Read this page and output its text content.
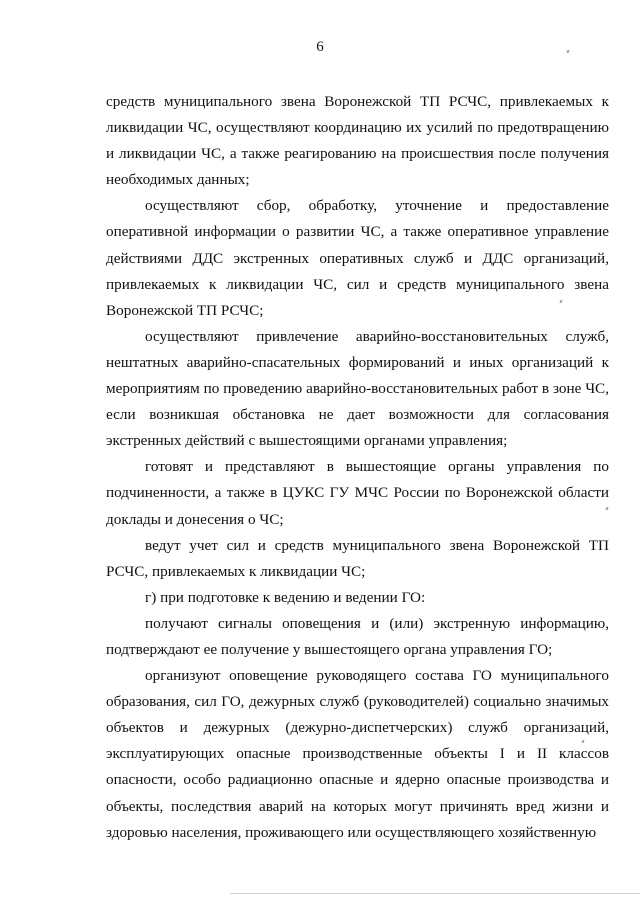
6

средств муниципального звена Воронежской ТП РСЧС, привлекаемых к ликвидации ЧС, осуществляют координацию их усилий по предотвращению и ликвидации ЧС, а также реагированию на происшествия после получения необходимых данных;

осуществляют сбор, обработку, уточнение и предоставление оперативной информации о развитии ЧС, а также оперативное управление действиями ДДС экстренных оперативных служб и ДДС организаций, привлекаемых к ликвидации ЧС, сил и средств муниципального звена Воронежской ТП РСЧС;

осуществляют привлечение аварийно-восстановительных служб, нештатных аварийно-спасательных формирований и иных организаций к мероприятиям по проведению аварийно-восстановительных работ в зоне ЧС, если возникшая обстановка не дает возможности для согласования экстренных действий с вышестоящими органами управления;

готовят и представляют в вышестоящие органы управления по подчиненности, а также в ЦУКС ГУ МЧС России по Воронежской области доклады и донесения о ЧС;

ведут учет сил и средств муниципального звена Воронежской ТП РСЧС, привлекаемых к ликвидации ЧС;

г) при подготовке к ведению и ведении ГО:

получают сигналы оповещения и (или) экстренную информацию, подтверждают ее получение у вышестоящего органа управления ГО;

организуют оповещение руководящего состава ГО муниципального образования, сил ГО, дежурных служб (руководителей) социально значимых объектов и дежурных (дежурно-диспетчерских) служб организаций, эксплуатирующих опасные производственные объекты I и II классов опасности, особо радиационно опасные и ядерно опасные производства и объекты, последствия аварий на которых могут причинять вред жизни и здоровью населения, проживающего или осуществляющего хозяйственную
